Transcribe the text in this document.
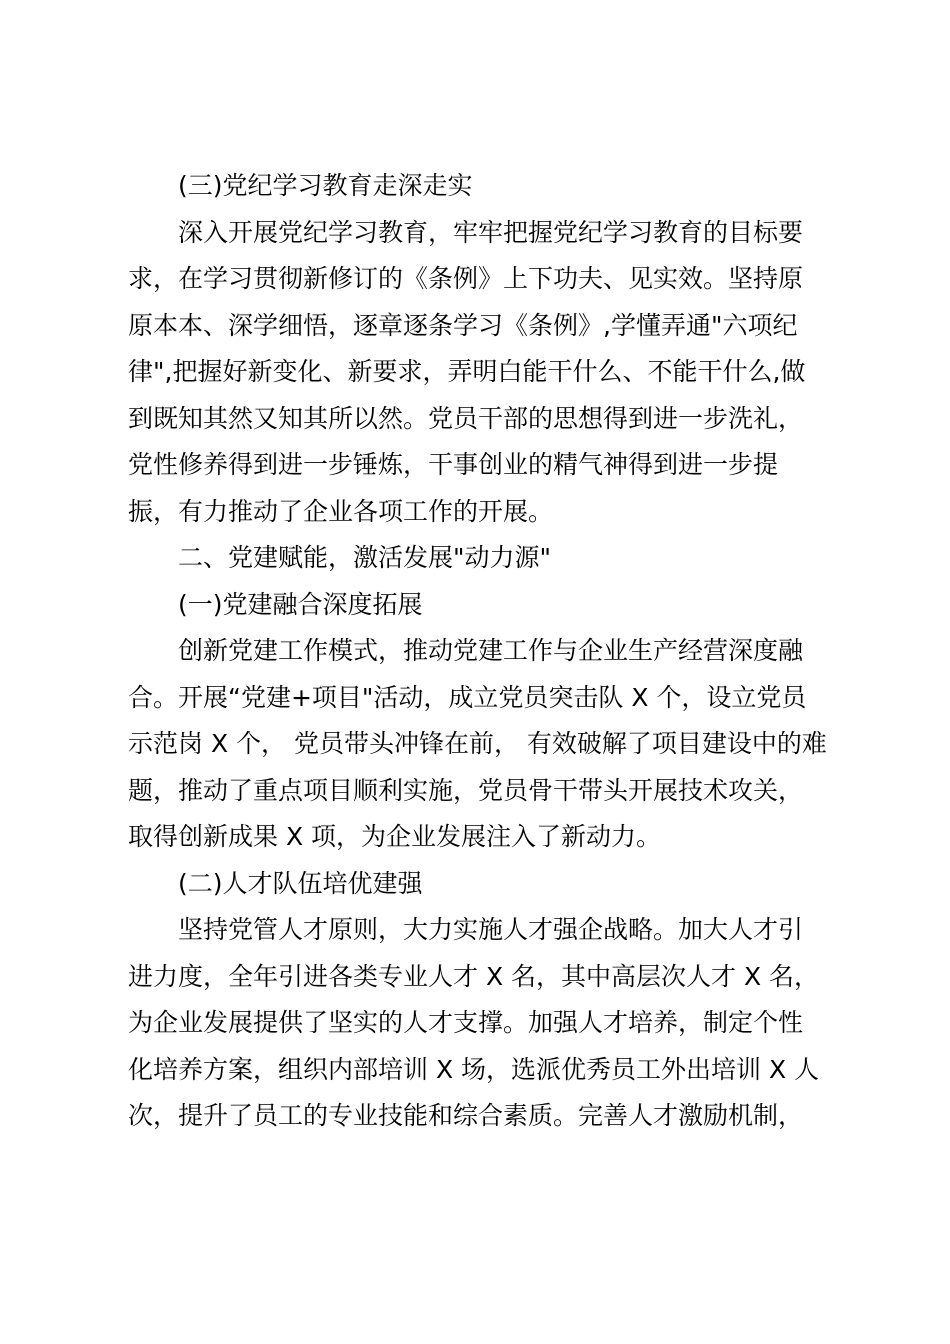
(三)党纪学习教育走深走实

深入开展党纪学习教育，牢牢把握党纪学习教育的目标要
求，在学习贯彻新修订的《条例》上下功夫、见实效。坚持原
原本本、深学细悟，逐章逐条学习《条例》,学懂弄通"六项纪
律",把握好新变化、新要求，弄明白能干什么、不能干什么,做
到既知其然又知其所以然。党员干部的思想得到进一步洗礼，
党性修养得到进一步锤炼，干事创业的精气神得到进一步提
振，有力推动了企业各项工作的开展。

二、党建赋能，激活发展"动力源"

(一)党建融合深度拓展

创新党建工作模式，推动党建工作与企业生产经营深度融
合。开展“党建+项目"活动，成立党员突击队 X 个，设立党员
示范岗 X 个， 党员带头冲锋在前， 有效破解了项目建设中的难
题，推动了重点项目顺利实施，党员骨干带头开展技术攻关，
取得创新成果 X 项，为企业发展注入了新动力。

(二)人才队伍培优建强

坚持党管人才原则，大力实施人才强企战略。加大人才引
进力度，全年引进各类专业人才 X 名，其中高层次人才 X 名，
为企业发展提供了坚实的人才支撑。加强人才培养，制定个性
化培养方案，组织内部培训 X 场，选派优秀员工外出培训 X 人
次，提升了员工的专业技能和综合素质。完善人才激励机制，
